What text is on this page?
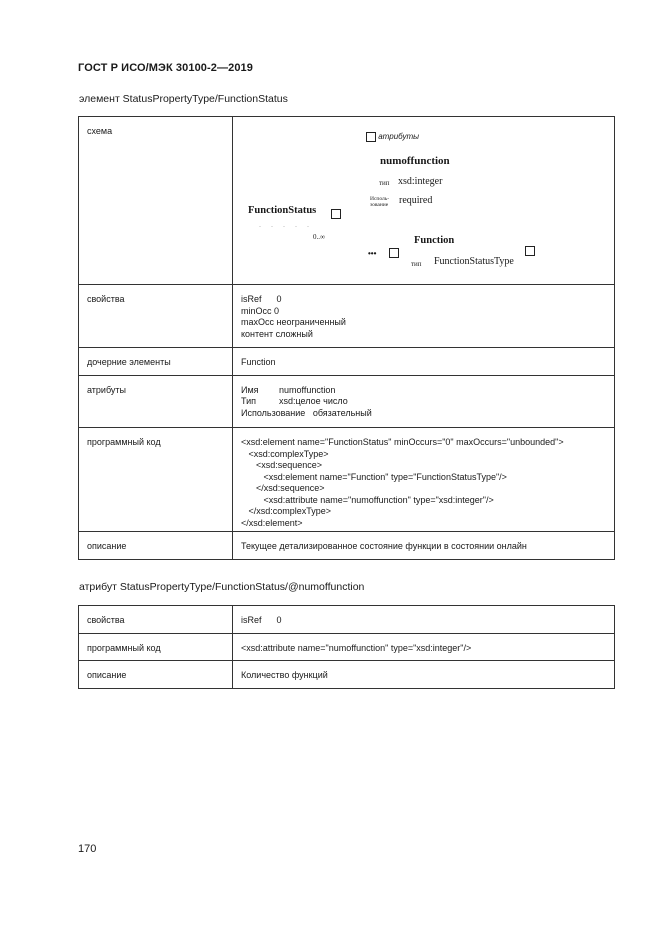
ГОСТ Р ИСО/МЭК 30100-2—2019
элемент StatusPropertyType/FunctionStatus
схема	
атрибуты
numoffunction
тип xsd:integer
Исполь-зование	required
FunctionStatus
·····
0..∞	Function
•••
тип FunctionStatusType

свойства	isRef      0
minOcc 0
maxOcc неограниченный
контент сложный

дочерние элементы	Function
атрибуты		Имя	numoffunction
Тип	xsd:целое число
Использование обязательный

программный код	<xsd:element name="FunctionStatus" minOccurs="0" maxOccurs="unbounded">
<xsd:complexType>
<xsd:sequence>
<xsd:element name="Function" type="FunctionStatusType"/>
</xsd:sequence>
<xsd:attribute name="numoffunction" type="xsd:integer"/>
</xsd:complexType>
</xsd:element>

описание	Текущее детализированное состояние функции в состоянии онлайн
атрибут StatusPropertyType/FunctionStatus/@numoffunction
свойства	isRef      0
программный код	<xsd:attribute name="numoffunction" type="xsd:integer"/>
описание	Количество функций
170
